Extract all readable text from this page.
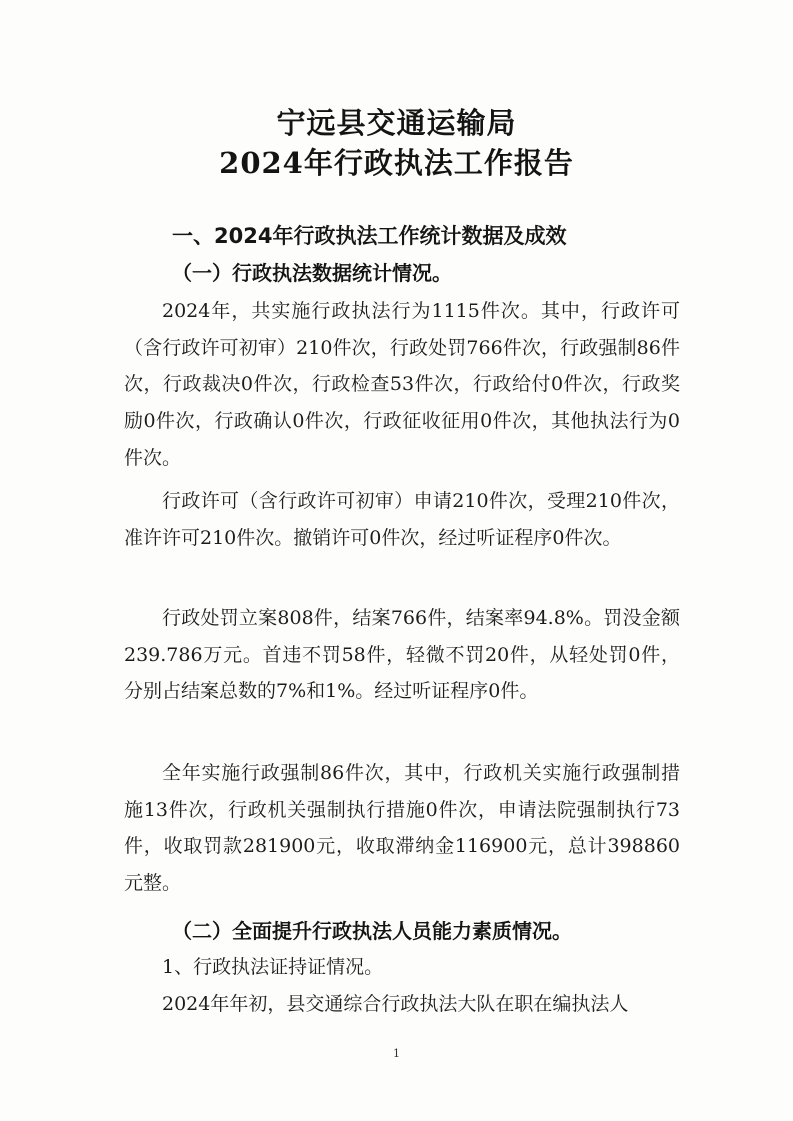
宁远县交通运输局
2024年行政执法工作报告
一、2024年行政执法工作统计数据及成效
（一）行政执法数据统计情况。

2024年，共实施行政执法行为1115件次。其中，行政许可（含行政许可初审）210件次，行政处罚766件次，行政强制86件次，行政裁决0件次，行政检查53件次，行政给付0件次，行政奖励0件次，行政确认0件次，行政征收征用0件次，其他执法行为0件次。

行政许可（含行政许可初审）申请210件次，受理210件次，准许许可210件次。撤销许可0件次，经过听证程序0件次。

行政处罚立案808件，结案766件，结案率94.8%。罚没金额239.786万元。首违不罚58件，轻微不罚20件，从轻处罚0件，分别占结案总数的7%和1%。经过听证程序0件。

全年实施行政强制86件次，其中，行政机关实施行政强制措施13件次，行政机关强制执行措施0件次，申请法院强制执行73件，收取罚款281900元，收取滞纳金116900元，总计398860元整。

（二）全面提升行政执法人员能力素质情况。

1、行政执法证持证情况。

2024年年初，县交通综合行政执法大队在职在编执法人

1
